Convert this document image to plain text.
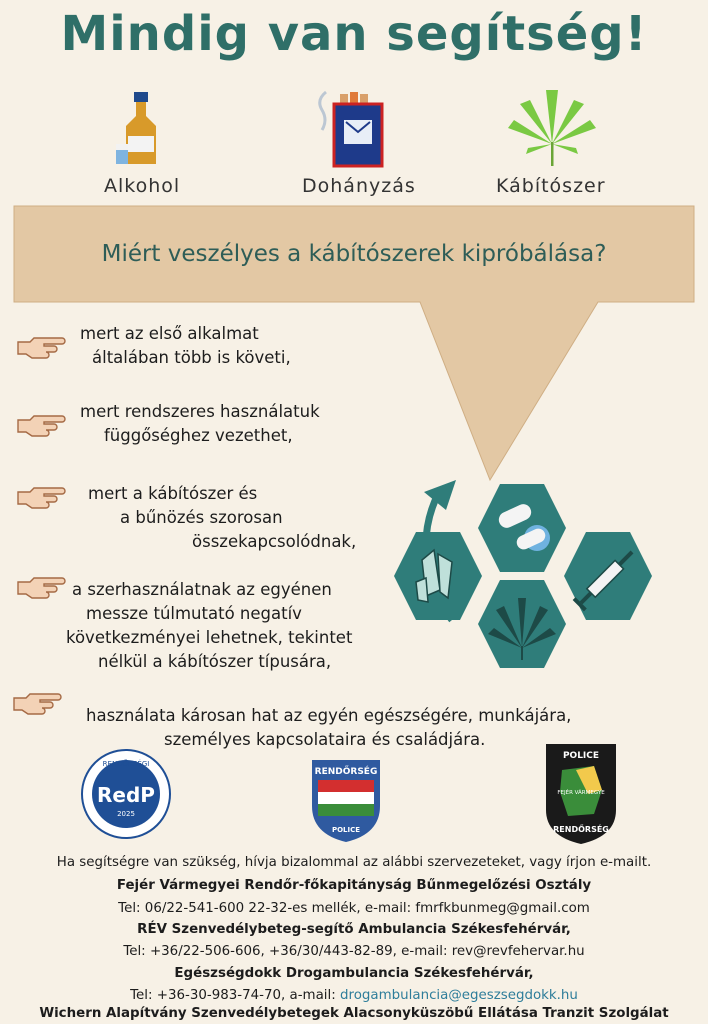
Mindig van segítség!
Alkohol	Dohányzás	Kábítószer
Miért veszélyes a kábítószerek kipróbálása?
mert az első alkalmat
általában több is követi,
mert rendszeres használatuk
függőséghez vezethet,
mert a kábítószer és
a bűnözés szorosan
összekapcsolódnak,
a szerhasználatnak az egyénen
messze túlmutató negatív
következményei lehetnek, tekintet
nélkül a kábítószer típusára,
használata károsan hat az egyén egészségére, munkájára,
személyes kapcsolataira és családjára.
RENDŐRSÉGI
RedP
2025
RENDŐRSÉG
POLICE
POLICE
FEJÉR VÁRMEGYE
RENDŐRSÉG
Ha segítségre van szükség, hívja bizalommal az alábbi szervezeteket, vagy írjon e-mailt.
Fejér Vármegyei Rendőr-főkapitányság Bűnmegelőzési Osztály
Tel: 06/22-541-600 22-32-es mellék, e-mail: fmrfkbunmeg@gmail.com
RÉV Szenvedélybeteg-segítő Ambulancia Székesfehérvár,
Tel: +36/22-506-606, +36/30/443-82-89, e-mail: rev@revfehervar.hu
Egészségdokk Drogambulancia Székesfehérvár,
Tel: +36-30-983-74-70, a-mail: drogambulancia@egeszsegdokk.hu
Wichern Alapítvány Szenvedélybetegek Alacsonyküszöbű Ellátása Tranzit Szolgálat
